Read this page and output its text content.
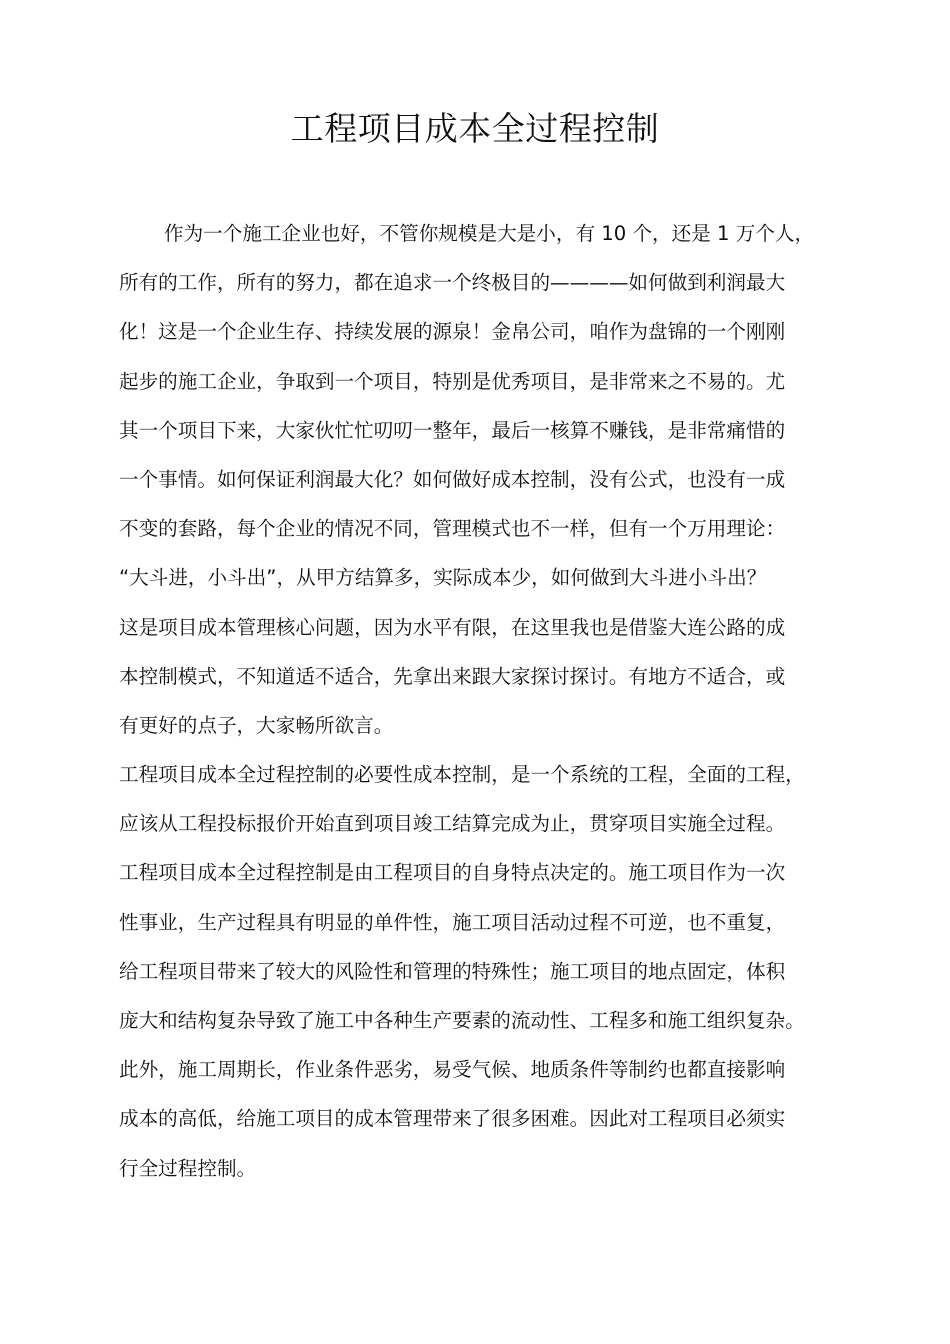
工程项目成本全过程控制
作为一个施工企业也好，不管你规模是大是小，有 10 个，还是 1 万个人，
所有的工作，所有的努力，都在追求一个终极目的————如何做到利润最大
化！这是一个企业生存、持续发展的源泉！金帛公司，咱作为盘锦的一个刚刚
起步的施工企业，争取到一个项目，特别是优秀项目，是非常来之不易的。尤
其一个项目下来，大家伙忙忙叨叨一整年，最后一核算不赚钱，是非常痛惜的
一个事情。如何保证利润最大化？如何做好成本控制，没有公式，也没有一成
不变的套路，每个企业的情况不同，管理模式也不一样，但有一个万用理论：
“大斗进，小斗出”，从甲方结算多，实际成本少，如何做到大斗进小斗出？
这是项目成本管理核心问题，因为水平有限，在这里我也是借鉴大连公路的成
本控制模式，不知道适不适合，先拿出来跟大家探讨探讨。有地方不适合，或
有更好的点子，大家畅所欲言。
工程项目成本全过程控制的必要性成本控制，是一个系统的工程，全面的工程，
应该从工程投标报价开始直到项目竣工结算完成为止，贯穿项目实施全过程。
工程项目成本全过程控制是由工程项目的自身特点决定的。施工项目作为一次
性事业，生产过程具有明显的单件性，施工项目活动过程不可逆，也不重复，
给工程项目带来了较大的风险性和管理的特殊性；施工项目的地点固定，体积
庞大和结构复杂导致了施工中各种生产要素的流动性、工程多和施工组织复杂。
此外，施工周期长，作业条件恶劣，易受气候、地质条件等制约也都直接影响
成本的高低，给施工项目的成本管理带来了很多困难。因此对工程项目必须实
行全过程控制。
